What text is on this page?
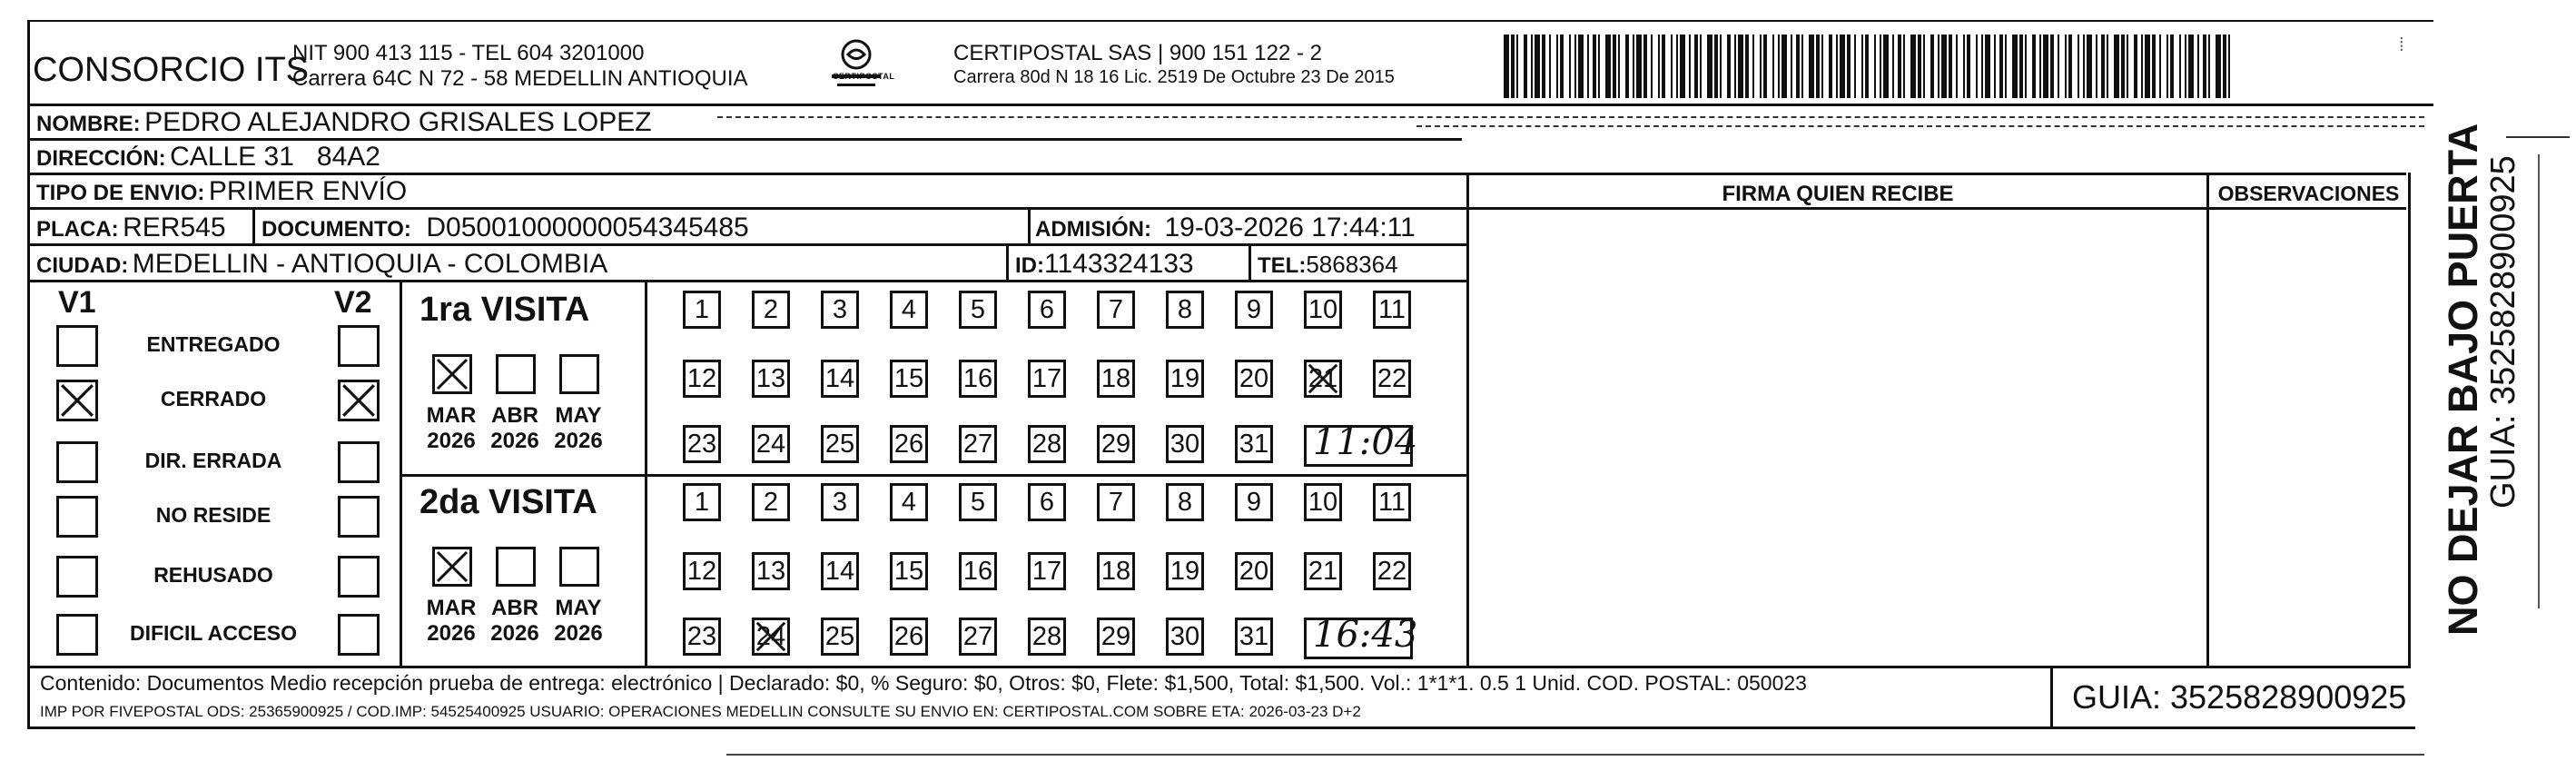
CONSORCIO ITS
NIT 900 413 115 - TEL 604 3201000
Carrera 64C N 72 - 58 MEDELLIN ANTIOQUIA	CERTIPOSTAL
CERTIPOSTAL SAS | 900 151 122 - 2
Carrera 80d N 18 16 Lic. 2519 De Octubre 23 De 2015
⁞
NOMBRE: PEDRO ALEJANDRO GRISALES LOPEZ
DIRECCIÓN: CALLE 31   84A2
TIPO DE ENVIO: PRIMER ENVÍO
PLACA: RER545 DOCUMENTO: D05001000000054345485	ADMISIÓN: 19-03-2026 17:44:11
CIUDAD: MEDELLIN - ANTIOQUIA - COLOMBIA	ID:1143324133	TEL:5868364
FIRMA QUIEN RECIBE	OBSERVACIONES
V1	V2
ENTREGADO
CERRADO
DIR. ERRADA
NO RESIDE
REHUSADO
DIFICIL ACCESO
1ra VISITA
2da VISITA
MAR
2026
ABR
2026
MAY
2026
1	2	3	4	5	6	7	8	9	10 11
12 13 14 15 16 17 18 19 20 21 22
23 24 25 26 27 28 29 30 31 11:04
MAR
2026
ABR
2026
MAY
2026
1	2	3	4	5	6	7	8	9	10 11
12 13 14 15 16 17 18 19 20 21 22
23 24 25 26 27 28 29 30 31 16:43
Contenido: Documentos Medio recepción prueba de entrega: electrónico | Declarado: $0, % Seguro: $0, Otros: $0, Flete: $1,500, Total: $1,500. Vol.: 1*1*1. 0.5 1 Unid. COD. POSTAL: 050023
IMP POR FIVEPOSTAL ODS: 25365900925 / COD.IMP: 54525400925 USUARIO: OPERACIONES MEDELLIN CONSULTE SU ENVIO EN: CERTIPOSTAL.COM SOBRE ETA: 2026-03-23 D+2	GUIA: 3525828900925
NO DEJAR BAJO PUERTA
GUIA: 3525828900925
